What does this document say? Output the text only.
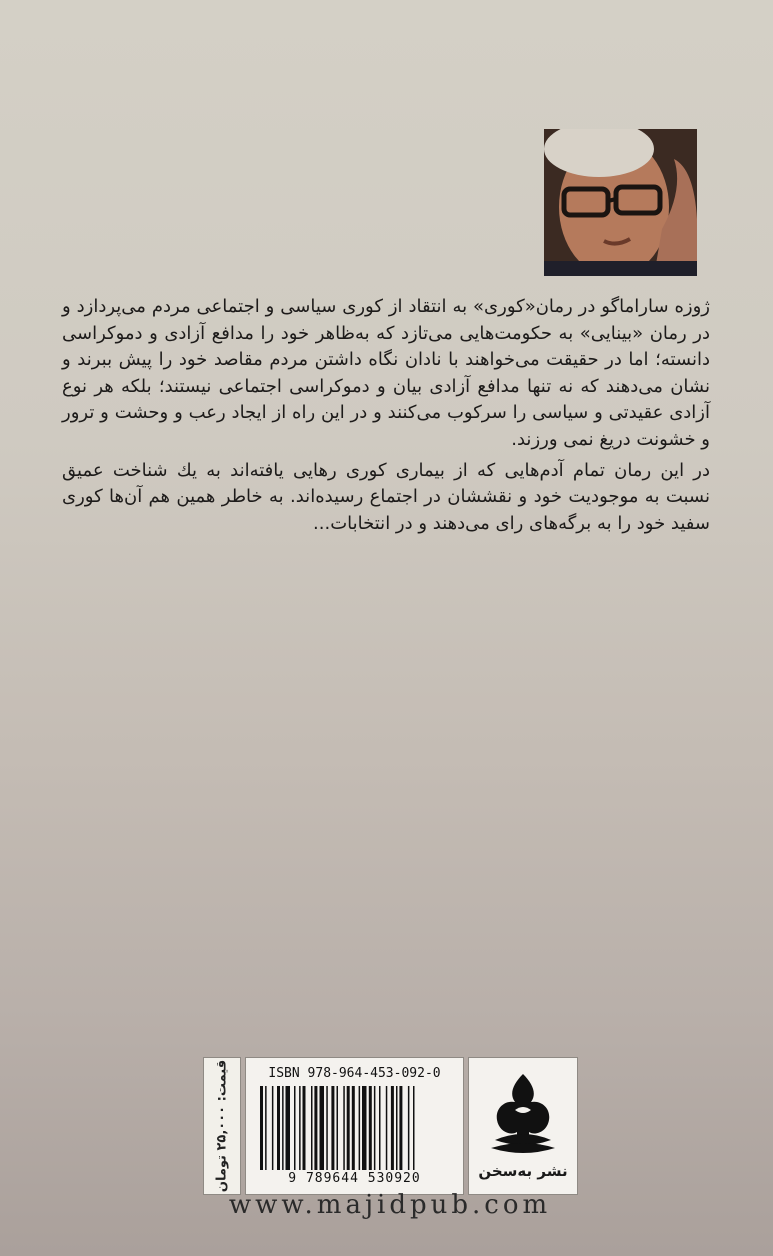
ژوزه ساراماگو در رمان«کوری» به انتقاد از کوری سیاسی و اجتماعی مردم می‌پردازد و در رمان «بینایی» به حکومت‌هایی می‌تازد که به‌ظاهر خود را مدافع آزادی و دموکراسی دانسته؛ اما در حقیقت می‌خواهند با نادان نگاه داشتن مردم مقاصد خود را پیش ببرند و نشان می‌دهند که نه تنها مدافع آزادی بیان و دموکراسی اجتماعی نیستند؛ بلکه هر نوع آزادی عقیدتی و سیاسی را سرکوب می‌کنند و در این راه از ایجاد رعب و وحشت و ترور و خشونت دریغ نمی ورزند.

در این رمان تمام آدم‌هایی که از بیماری کوری رهایی یافته‌اند به یك شناخت عمیق نسبت به موجودیت خود و نقششان در اجتماع رسیده‌اند. به خاطر همین هم آن‌ها کوری سفید خود را به برگه‌های رای می‌دهند و در انتخابات...

قیمت: ۲۵,۰۰۰ تومان	ISBN 978-964-453-092-0
9 789644 530920	نشر به‌سخن
www.majidpub.com
